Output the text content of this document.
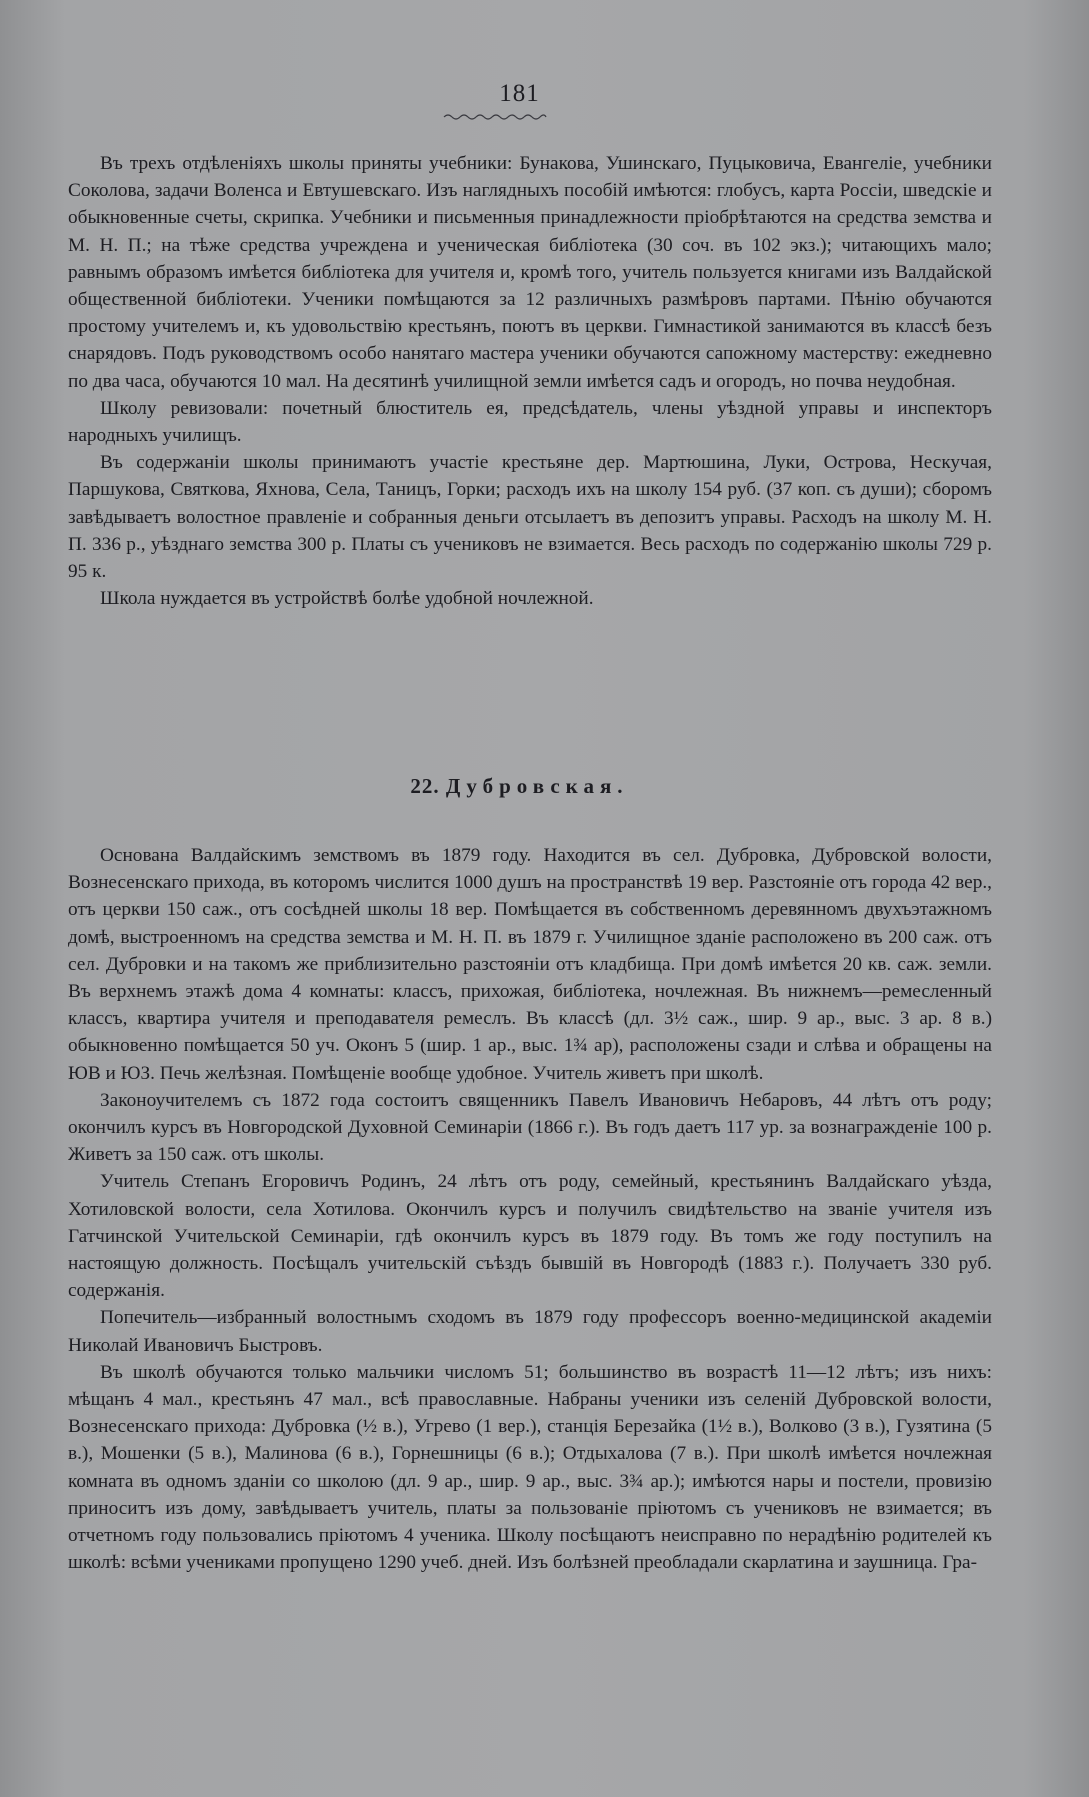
181

Въ трехъ отдѣленіяхъ школы приняты учебники: Бунакова, Ушинскаго, Пуцыковича, Евангеліе, учебники Соколова, задачи Воленса и Евтушевскаго. Изъ наглядныхъ пособій имѣются: глобусъ, карта Россіи, шведскіе и обыкновенные счеты, скрипка. Учебники и письменныя принадлежности пріобрѣтаются на средства земства и М. Н. П.; на тѣже средства учреждена и ученическая библіотека (30 соч. въ 102 экз.); читающихъ мало; равнымъ образомъ имѣется библіотека для учителя и, кромѣ того, учитель пользуется книгами изъ Валдайской общественной библіотеки. Ученики помѣщаются за 12 различныхъ размѣровъ партами. Пѣнію обучаются простому учителемъ и, къ удовольствію крестьянъ, поютъ въ церкви. Гимнастикой занимаются въ классѣ безъ снарядовъ. Подъ руководствомъ особо нанятаго мастера ученики обучаются сапожному мастерству: ежедневно по два часа, обучаются 10 мал. На десятинѣ училищной земли имѣется садъ и огородъ, но почва неудобная.

Школу ревизовали: почетный блюститель ея, предсѣдатель, члены уѣздной управы и инспекторъ народныхъ училищъ.

Въ содержаніи школы принимаютъ участіе крестьяне дер. Мартюшина, Луки, Острова, Нескучая, Паршукова, Святкова, Яхнова, Села, Таницъ, Горки; расходъ ихъ на школу 154 руб. (37 коп. съ души); сборомъ завѣдываетъ волостное правленіе и собранныя деньги отсылаетъ въ депозитъ управы. Расходъ на школу М. Н. П. 336 р., уѣзднаго земства 300 р. Платы съ учениковъ не взимается. Весь расходъ по содержанію школы 729 р. 95 к.

Школа нуждается въ устройствѣ болѣе удобной ночлежной.

22. Дубровская.

Основана Валдайскимъ земствомъ въ 1879 году. Находится въ сел. Дубровка, Дубровской волости, Вознесенскаго прихода, въ которомъ числится 1000 душъ на пространствѣ 19 вер. Разстояніе отъ города 42 вер., отъ церкви 150 саж., отъ сосѣдней школы 18 вер. Помѣщается въ собственномъ деревянномъ двухъэтажномъ домѣ, выстроенномъ на средства земства и М. Н. П. въ 1879 г. Училищное зданіе расположено въ 200 саж. отъ сел. Дубровки и на такомъ же приблизительно разстояніи отъ кладбища. При домѣ имѣется 20 кв. саж. земли. Въ верхнемъ этажѣ дома 4 комнаты: классъ, прихожая, библіотека, ночлежная. Въ нижнемъ—ремесленный классъ, квартира учителя и преподавателя ремеслъ. Въ классѣ (дл. 3½ саж., шир. 9 ар., выс. 3 ар. 8 в.) обыкновенно помѣщается 50 уч. Оконъ 5 (шир. 1 ар., выс. 1¾ ар), расположены сзади и слѣва и обращены на ЮВ и ЮЗ. Печь желѣзная. Помѣщеніе вообще удобное. Учитель живетъ при школѣ.

Законоучителемъ съ 1872 года состоитъ священникъ Павелъ Ивановичъ Небаровъ, 44 лѣтъ отъ роду; окончилъ курсъ въ Новгородской Духовной Семинаріи (1866 г.). Въ годъ даетъ 117 ур. за вознагражденіе 100 р. Живетъ за 150 саж. отъ школы.

Учитель Степанъ Егоровичъ Родинъ, 24 лѣтъ отъ роду, семейный, крестьянинъ Валдайскаго уѣзда, Хотиловской волости, села Хотилова. Окончилъ курсъ и получилъ свидѣтельство на званіе учителя изъ Гатчинской Учительской Семинаріи, гдѣ окончилъ курсъ въ 1879 году. Въ томъ же году поступилъ на настоящую должность. Посѣщалъ учительскій съѣздъ бывшій въ Новгородѣ (1883 г.). Получаетъ 330 руб. содержанія.

Попечитель—избранный волостнымъ сходомъ въ 1879 году профессоръ военно-медицинской академіи Николай Ивановичъ Быстровъ.

Въ школѣ обучаются только мальчики числомъ 51; большинство въ возрастѣ 11—12 лѣтъ; изъ нихъ: мѣщанъ 4 мал., крестьянъ 47 мал., всѣ православные. Набраны ученики изъ селеній Дубровской волости, Вознесенскаго прихода: Дубровка (½ в.), Угрево (1 вер.), станція Березайка (1½ в.), Волково (3 в.), Гузятина (5 в.), Мошенки (5 в.), Малинова (6 в.), Горнешницы (6 в.); Отдыхалова (7 в.). При школѣ имѣется ночлежная комната въ одномъ зданіи со школою (дл. 9 ар., шир. 9 ар., выс. 3¾ ар.); имѣются нары и постели, провизію приноситъ изъ дому, завѣдываетъ учитель, платы за пользованіе пріютомъ съ учениковъ не взимается; въ отчетномъ году пользовались пріютомъ 4 ученика. Школу посѣщаютъ неисправно по нерадѣнію родителей къ школѣ: всѣми учениками пропущено 1290 учеб. дней. Изъ болѣзней преобладали скарлатина и заушница. Гра-
